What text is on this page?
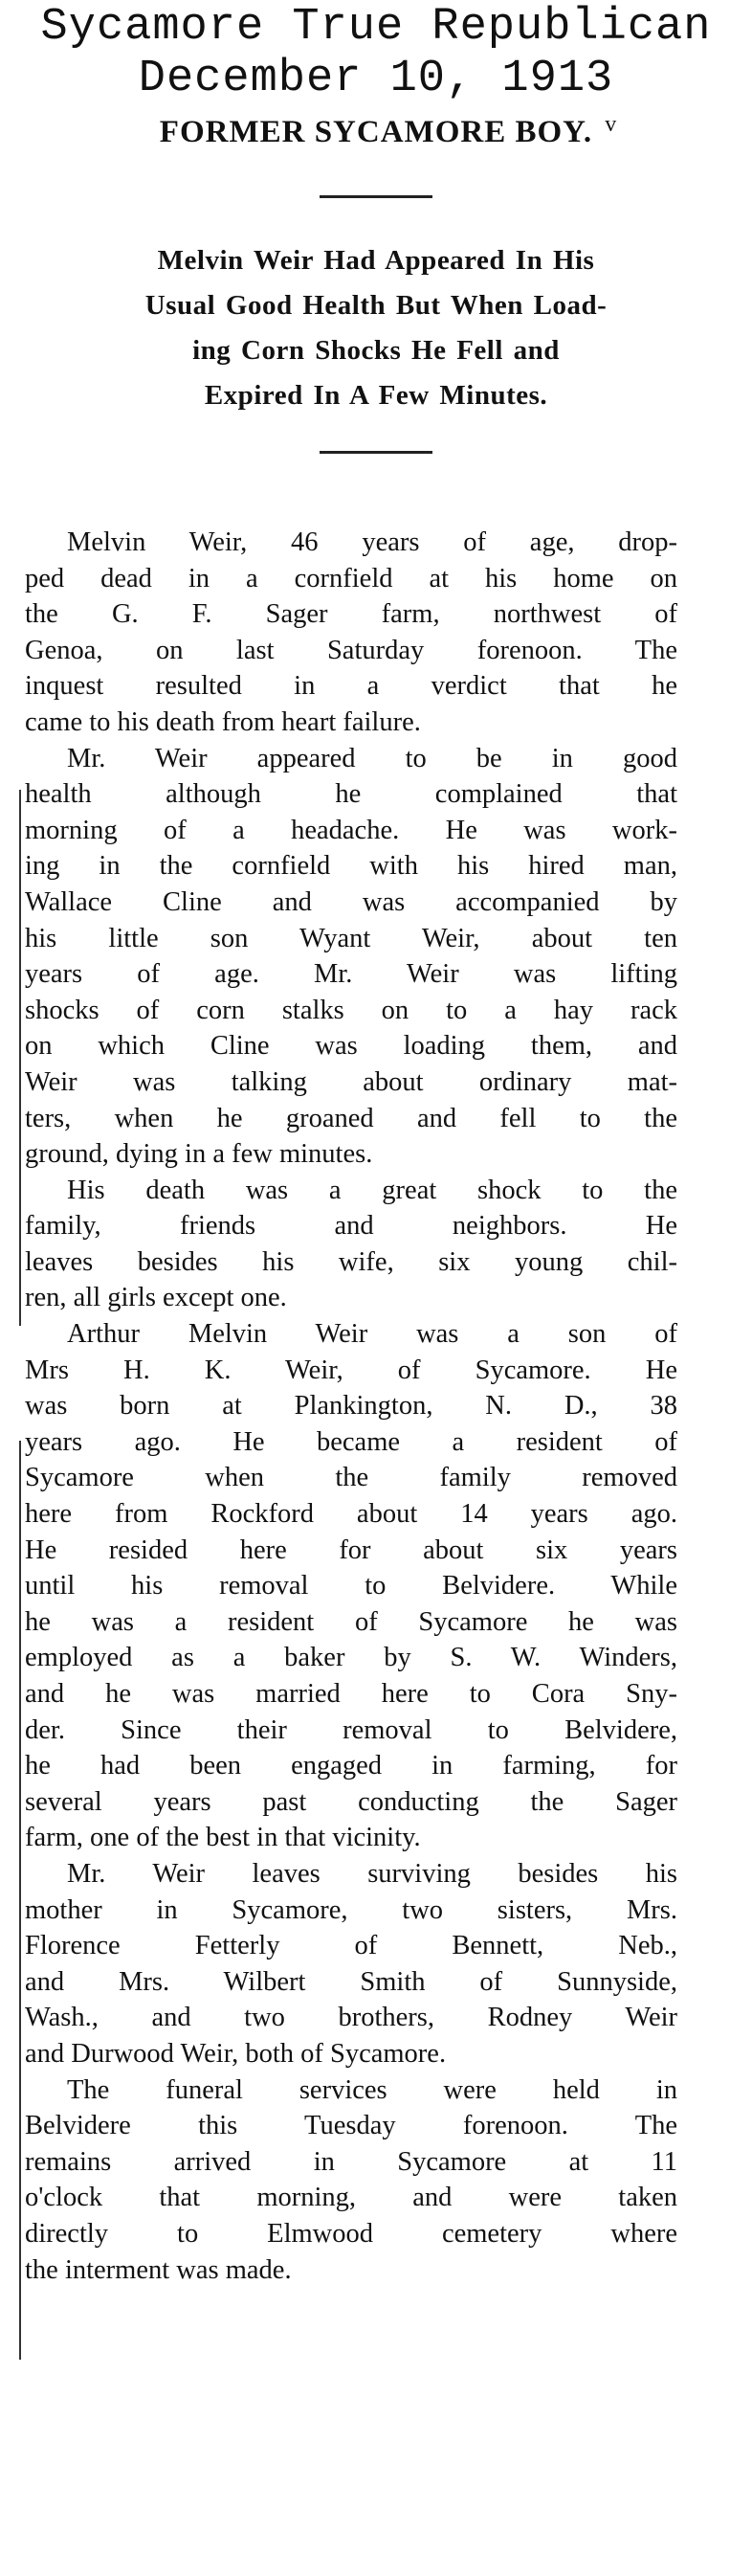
Sycamore True Republican
December 10, 1913
FORMER SYCAMORE BOY. v
Melvin Weir Had Appeared In His
Usual Good Health But When Load-
ing Corn Shocks He Fell and
Expired In A Few Minutes.
Melvin Weir, 46 years of age, drop-
ped dead in a cornfield at his home on
the G. F. Sager farm, northwest of
Genoa, on last Saturday forenoon. The
inquest resulted in a verdict that he
came to his death from heart failure.
Mr. Weir appeared to be in good
health although he complained that
morning of a headache. He was work-
ing in the cornfield with his hired man,
Wallace Cline and was accompanied by
his little son Wyant Weir, about ten
years of age. Mr. Weir was lifting
shocks of corn stalks on to a hay rack
on which Cline was loading them, and
Weir was talking about ordinary mat-
ters, when he groaned and fell to the
ground, dying in a few minutes.
His death was a great shock to the
family, friends and neighbors. He
leaves besides his wife, six young chil-
ren, all girls except one.
Arthur Melvin Weir was a son of
Mrs H. K. Weir, of Sycamore. He
was born at Plankington, N. D., 38
years ago. He became a resident of
Sycamore when the family removed
here from Rockford about 14 years ago.
He resided here for about six years
until his removal to Belvidere. While
he was a resident of Sycamore he was
employed as a baker by S. W. Winders,
and he was married here to Cora Sny-
der. Since their removal to Belvidere,
he had been engaged in farming, for
several years past conducting the Sager
farm, one of the best in that vicinity.
Mr. Weir leaves surviving besides his
mother in Sycamore, two sisters, Mrs.
Florence Fetterly of Bennett, Neb.,
and Mrs. Wilbert Smith of Sunnyside,
Wash., and two brothers, Rodney Weir
and Durwood Weir, both of Sycamore.
The funeral services were held in
Belvidere this Tuesday forenoon. The
remains arrived in Sycamore at 11
o'clock that morning, and were taken
directly to Elmwood cemetery where
the interment was made.
